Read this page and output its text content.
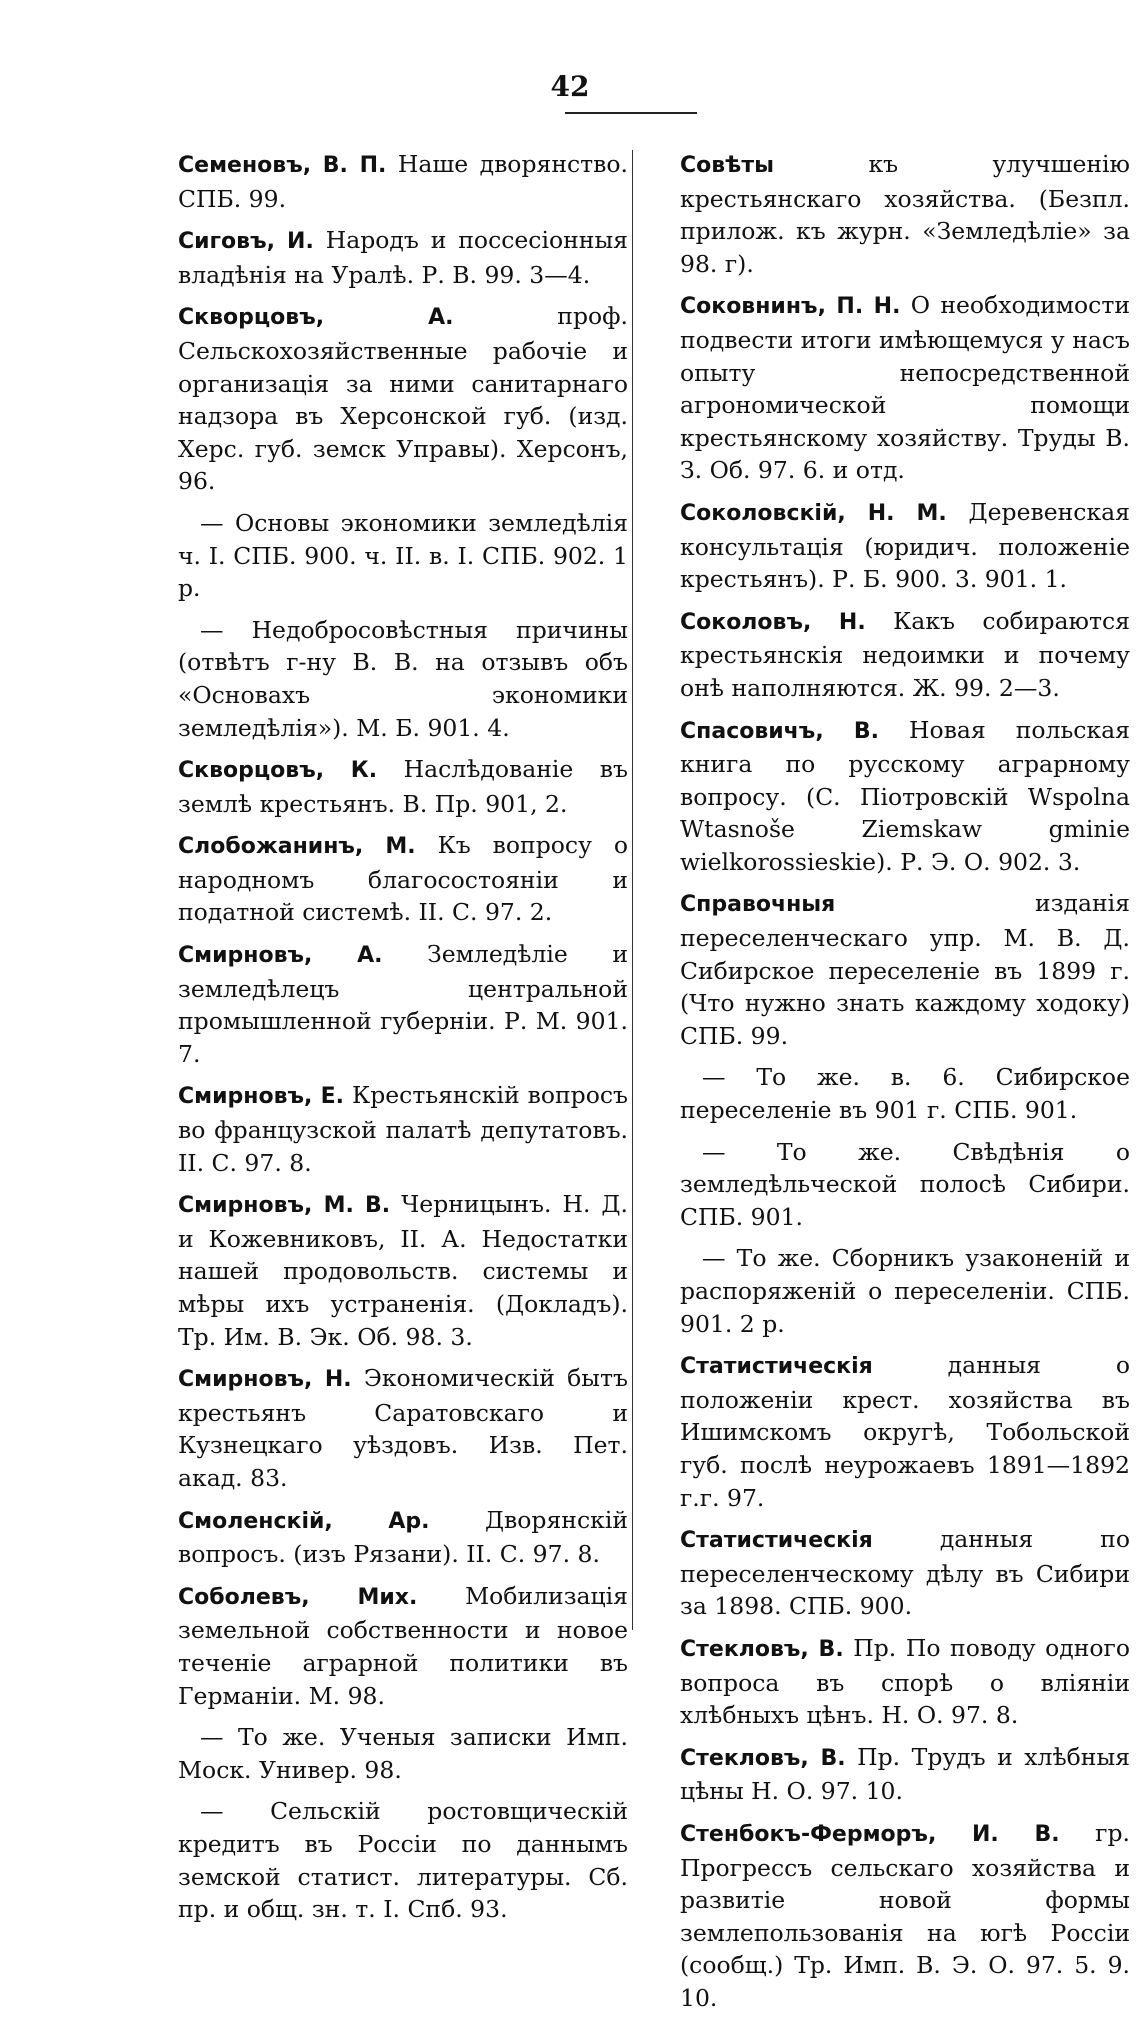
42
Семеновъ, В. П. Наше дворянство. СПБ. 99.
Сиговъ, И. Народъ и поссесіонныя владѣнія на Уралѣ. Р. В. 99. 3—4.
Скворцовъ, А.	проф. Сельскохозяйственные рабочіе и организація за ними санитарнаго надзора въ Херсонской губ. (изд. Херс. губ. земск Управы). Херсонъ, 96.
— Основы экономики земледѣлія ч. I. СПБ. 900. ч. II. в. I. СПБ. 902. 1 р.
— Недобросовѣстныя причины (отвѣтъ г-ну В. В. на отзывъ объ «Основахъ экономики земледѣлія»). М. Б. 901. 4.
Скворцовъ, К. Наслѣдованіе въ землѣ крестьянъ. В. Пр. 901, 2.
Слобожанинъ, М. Къ вопросу о народномъ благосостояніи и податной системѣ. II. С. 97. 2.
Смирновъ, А. Земледѣліе и земледѣлецъ центральной промышленной губерніи. Р. М. 901. 7.
Смирновъ, Е. Крестьянскій вопросъ во французской палатѣ депутатовъ. II. С. 97. 8.
Смирновъ, М. В. Черницынъ. Н. Д. и Кожевниковъ, II. А. Недостатки нашей продовольств. системы и мѣры ихъ устраненія. (Докладъ). Тр. Им. В. Эк. Об. 98. 3.
Смирновъ, Н. Экономическій бытъ крестьянъ Саратовскаго и Кузнецкаго уѣздовъ. Изв. Пет. акад. 83.
Смоленскій, Ар. Дворянскій вопросъ. (изъ Рязани). II. С. 97. 8.
Соболевъ, Мих. Мобилизація земельной собственности и новое теченіе аграрной политики въ Германіи. М. 98.
— То же. Ученыя записки Имп. Моск. Универ. 98.
— Сельскій ростовщическій кредитъ въ Россіи по даннымъ земской статист. литературы. Сб. пр. и общ. зн. т. I. Спб. 93.
Совѣты	къ улучшенію крестьянскаго хозяйства. (Безпл. прилож. къ журн. «Земледѣліе» за 98. г).
Соковнинъ, П. Н. О необходимости подвести итоги имѣющемуся у насъ опыту непосредственной агрономической помощи крестьянскому хозяйству. Труды В. З. Об. 97. 6. и отд.
Соколовскій, Н. М. Деревенская консультація (юридич. положеніе крестьянъ). Р. Б. 900. 3. 901. 1.
Соколовъ, Н. Какъ собираются крестьянскія недоимки и почему онѣ наполняются. Ж. 99. 2—3.
Спасовичъ, В. Новая польская книга по русскому аграрному вопросу. (С. Піотровскій Wspolna Wtasnoše Ziemskaw gminie wielkorossieskie). Р. Э. О. 902. 3.
Справочныя	изданія переселенческаго упр. М. В. Д. Сибирское переселеніе въ 1899 г. (Что нужно знать каждому ходоку) СПБ. 99.
— То же. в. 6. Сибирское переселеніе въ 901 г. СПБ. 901.
— То же. Свѣдѣнія о земледѣльческой полосѣ Сибири. СПБ. 901.
— То же. Сборникъ узаконеній и распоряженій о переселеніи. СПБ. 901. 2 р.
Статистическія	данныя о положеніи крест. хозяйства въ Ишимскомъ округѣ, Тобольской губ. послѣ неурожаевъ 1891—1892 г.г. 97.
Статистическія	данныя по переселенческому дѣлу въ Сибири за 1898. СПБ. 900.
Стекловъ, В. Пр. По поводу одного вопроса въ спорѣ о вліяніи хлѣбныхъ цѣнъ. Н. О. 97. 8.
Стекловъ, В. Пр. Трудъ и хлѣбныя цѣны Н. О. 97. 10.
Стенбокъ-Ферморъ, И. В. гр. Прогрессъ сельскаго хозяйства и развитіе новой формы землепользованія на югѣ Россіи (сообщ.) Тр. Имп. В. Э. О. 97. 5. 9. 10.
